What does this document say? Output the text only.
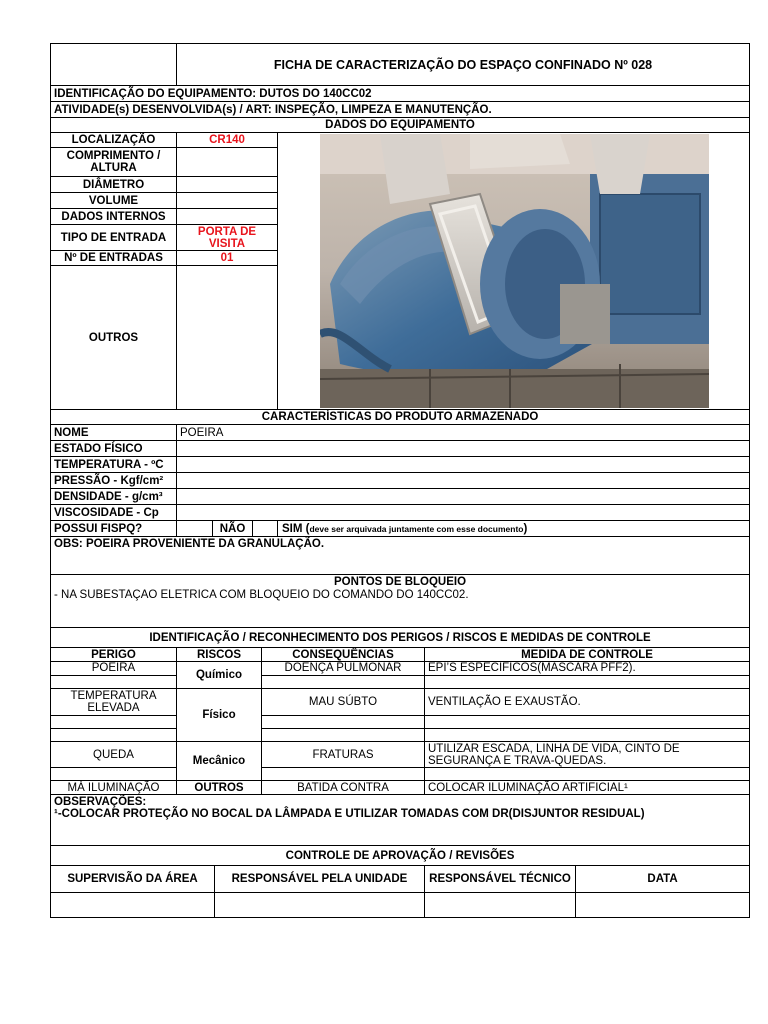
	FICHA DE CARACTERIZAÇÃO DO ESPAÇO CONFINADO Nº 028			
IDENTIFICAÇÃO DO EQUIPAMENTO: DUTOS DO 140CC02				
ATIVIDADE(s) DESENVOLVIDA(s) / ART: INSPEÇÃO, LIMPEZA E MANUTENÇÃO.				
DADOS DO EQUIPAMENTO				
LOCALIZAÇÃO	CR140			
COMPRIMENTO / ALTURA				
DIÂMETRO				
VOLUME				
DADOS INTERNOS				
TIPO DE ENTRADA	PORTA DE VISITA			
Nº DE ENTRADAS	01			
OUTROS				
CARACTERÍSTICAS DO PRODUTO ARMAZENADO				
NOME	POEIRA			
ESTADO FÍSICO				
TEMPERATURA - ºC				
PRESSÃO - Kgf/cm²				
DENSIDADE - g/cm³				
VISCOSIDADE - Cp				
POSSUI FISPQ?		NÃO		SIM (deve ser arquivada juntamente com esse documento)
OBS: POEIRA PROVENIENTE DA GRANULAÇÃO.					
PONTOS DE BLOQUEIO					
- NA SUBESTAÇÃO ELÉTRICA COM BLOQUEIO DO COMANDO DO 140CC02.					
IDENTIFICAÇÃO / RECONHECIMENTO DOS PERIGOS / RISCOS E MEDIDAS DE CONTROLE					
PERIGO	RISCOS		CONSEQUÊNCIAS	MEDIDA DE CONTROLE	
POEIRA	Químico		DOENÇA PULMONAR	EPI’S ESPECIFICOS(MASCARA PFF2).	

TEMPERATURA ELEVADA	Físico		MAU SÚBTO	VENTILAÇÃO E EXAUSTÃO.	

QUEDA	Mecânico		FRATURAS	UTILIZAR ESCADA, LINHA DE VIDA, CINTO DE SEGURANÇA E TRAVA-QUEDAS.	

MÁ ILUMINAÇÃO	OUTROS		BATIDA CONTRA	COLOCAR ILUMINAÇÃO ARTIFICIAL¹	

OBSERVAÇÕES:
¹-COLOCAR PROTEÇÃO NO BOCAL DA LÂMPADA E UTILIZAR TOMADAS COM DR(DISJUNTOR RESIDUAL)					

CONTROLE DE APROVAÇÃO / REVISÕES					
SUPERVISÃO DA ÁREA		RESPONSÁVEL PELA UNIDADE		RESPONSÁVEL TÉCNICO	DATA
